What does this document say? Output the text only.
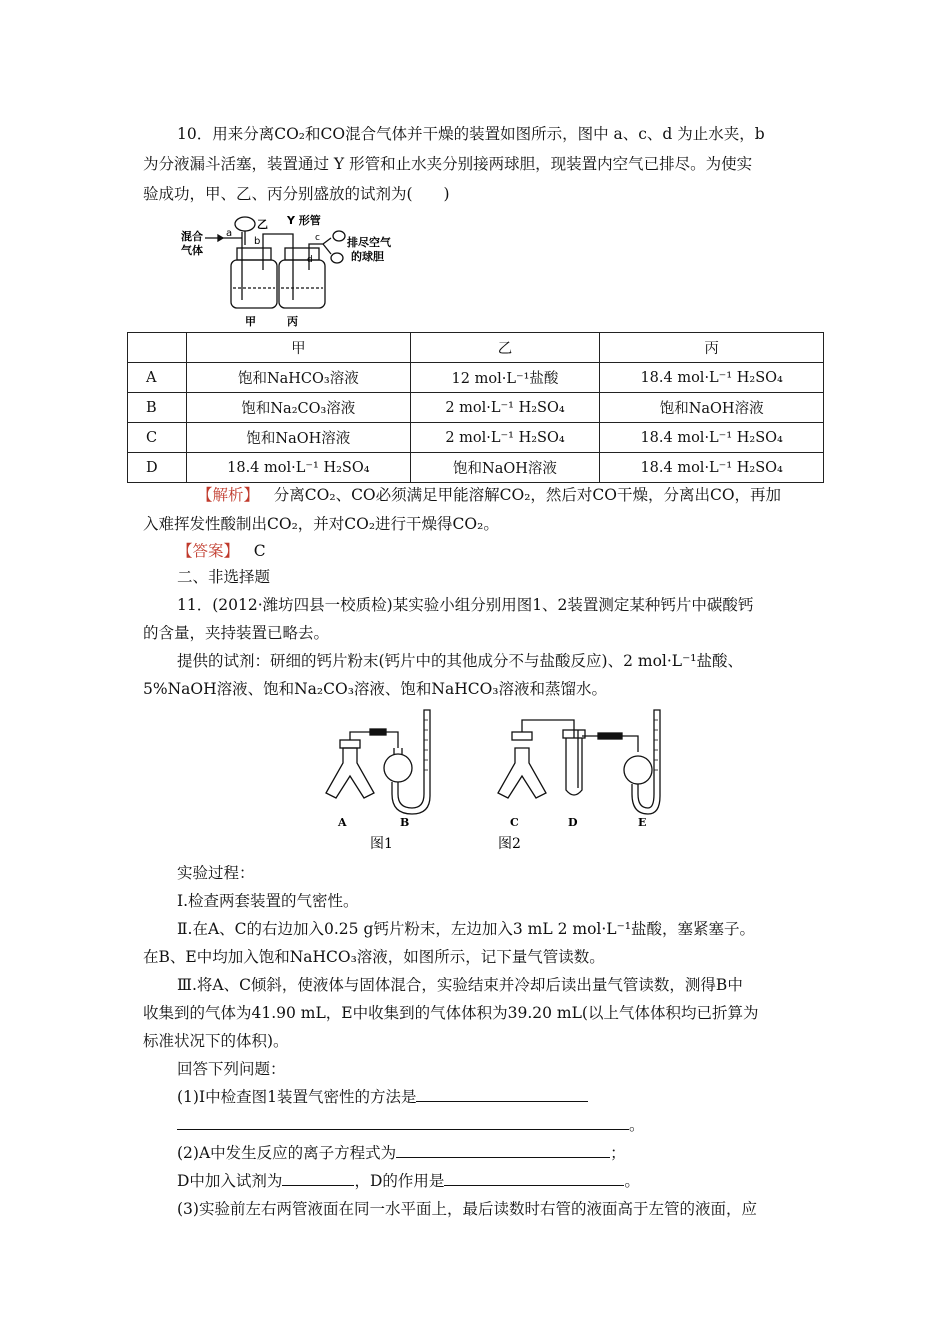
10．用来分离CO₂和CO混合气体并干燥的装置如图所示，图中 a、c、d 为止水夹，b
为分液漏斗活塞，装置通过 Y 形管和止水夹分别接两球胆，现装置内空气已排尽。为使实
验成功，甲、乙、丙分别盛放的试剂为(　　)
混合
气体
a
b
乙 Y 形管
c
d
排尽空气
的球胆
甲	丙
	甲	乙	丙
A	饱和NaHCO₃溶液	12 mol·L⁻¹盐酸	18.4 mol·L⁻¹ H₂SO₄
B	饱和Na₂CO₃溶液	2 mol·L⁻¹ H₂SO₄	饱和NaOH溶液
C	饱和NaOH溶液	2 mol·L⁻¹ H₂SO₄	18.4 mol·L⁻¹ H₂SO₄
D	18.4 mol·L⁻¹ H₂SO₄	饱和NaOH溶液	18.4 mol·L⁻¹ H₂SO₄
【解析】 分离CO₂、CO必须满足甲能溶解CO₂，然后对CO干燥，分离出CO，再加
入难挥发性酸制出CO₂，并对CO₂进行干燥得CO₂。
【答案】 C
二、非选择题
11．(2012·潍坊四县一校质检)某实验小组分别用图1、2装置测定某种钙片中碳酸钙
的含量，夹持装置已略去。
提供的试剂：研细的钙片粉末(钙片中的其他成分不与盐酸反应)、2 mol·L⁻¹盐酸、
5%NaOH溶液、饱和Na₂CO₃溶液、饱和NaHCO₃溶液和蒸馏水。
A	B	C	D	E
图1	图2
实验过程：
Ⅰ.检查两套装置的气密性。
Ⅱ.在A、C的右边加入0.25 g钙片粉末，左边加入3 mL 2 mol·L⁻¹盐酸，塞紧塞子。
在B、E中均加入饱和NaHCO₃溶液，如图所示，记下量气管读数。
Ⅲ.将A、C倾斜，使液体与固体混合，实验结束并冷却后读出量气管读数，测得B中
收集到的气体为41.90 mL，E中收集到的气体体积为39.20 mL(以上气体体积均已折算为
标准状况下的体积)。
回答下列问题：
(1)Ⅰ中检查图1装置气密性的方法是
。
(2)A中发生反应的离子方程式为	；
D中加入试剂为	，D的作用是	。
(3)实验前左右两管液面在同一水平面上，最后读数时右管的液面高于左管的液面，应
